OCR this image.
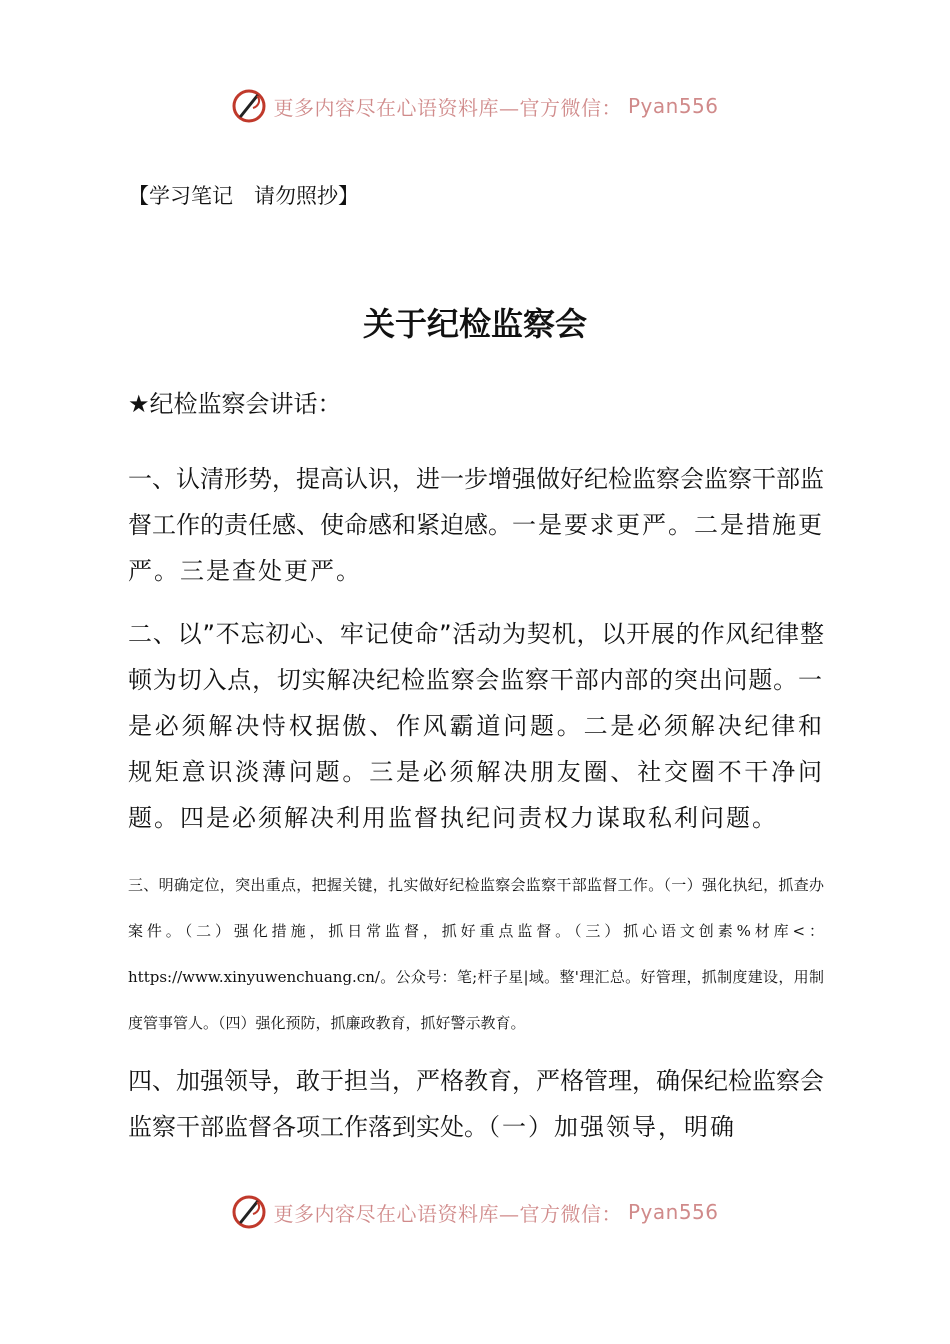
更多内容尽在心语资料库—官方微信： Pyan556
【学习笔记　请勿照抄】
关于纪检监察会
★纪检监察会讲话：

一、认清形势，提高认识，进一步增强做好纪检监察会监察干部监督工作的责任感、使命感和紧迫感。一是要求更严。二是措施更严。三是查处更严。

二、以”不忘初心、牢记使命”活动为契机，以开展的作风纪律整顿为切入点，切实解决纪检监察会监察干部内部的突出问题。一是必须解决恃权据傲、作风霸道问题。二是必须解决纪律和规矩意识淡薄问题。三是必须解决朋友圈、社交圈不干净问题。四是必须解决利用监督执纪问责权力谋取私利问题。

三、明确定位，突出重点，把握关键，扎实做好纪检监察会监察干部监督工作。（一）强化执纪，抓查办案件。（二）强化措施，抓日常监督，抓好重点监督。（三）抓心语文创素%材库<：https://www.xinyuwenchuang.cn/。公众号：笔;杆子星|域。整'理汇总。好管理，抓制度建设，用制度管事管人。（四）强化预防，抓廉政教育，抓好警示教育。

四、加强领导，敢于担当，严格教育，严格管理，确保纪检监察会监察干部监督各项工作落到实处。（一）加强领导，明确

更多内容尽在心语资料库—官方微信： Pyan556
